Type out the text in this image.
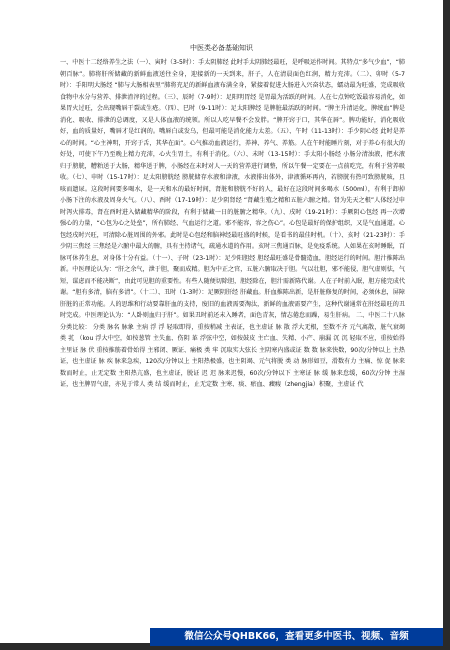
中医类必备基础知识
一、中医十二经络养生之法（一）、寅时（3-5时）：手太阴肺经 此时手太阴肺经最旺，是呼吸运作时间。其特点“多气少血”，“肺朝百脉”。肺将肝所储藏的新鲜血液送往全身，迎接新的一天到来，肝子，人在清晨面色红润，精力充沛。（二）、卯时（5-7时）：手阳明大肠经 “肺与大肠相表里”肺将充足的新鲜血液布满全身，紧接着促进大肠进入兴奋状态，蠕动最为旺盛，完成吸收食物中水分与营养、排泄渣滓的过程。（三）、辰时（7-9时）：足阳明胃经 是胃最为活跃的时间。人在七点钟吃饭最容易消化，如果胃火过旺，会出现嘴唇干裂或生疮。（四）、巳时（9-11时）：足太阳脾经 是脾脏最活跃的时间。“脾主升清运化，脾统血”脾是消化、吸收、排泄的总调度，又是人体血液的统领。所以人吃早餐不会发胖。“脾开窍于口，其华在唇”。脾功能好，消化吸收好，血的质量好，嘴唇才是红润的。嘴唇白或发乌，但最可能是消化能力太差。（五）、午时（11-13时）：手少阴心经 此时是养心的时间。“心主神明，开窍于舌，其华在面”。心气推动血液运行，养神、养气、养筋。人在午时能睡片刻，对于养心有很大的好处，可使下午乃至晚上精力充沛，心火生胃土，有利于消化。（六）、未时（13-15时）：手太阳小肠经 小肠分清浊液，把水液归于膀胱，糟粕送于大肠，精华送于脾，小肠经在未时对人一天的营养进行调整，所以午餐一定要在一点前吃完，有利于营养吸收。（七）、申时（15-17时）：足太阳膀胱经 膀胱储存水液和津液，水液排出体外，津液循环再内，若膀胱有热可致膀胱咳，且咳而遗尿。这段时间要多喝水，是一天和水的最好时间，肾脏和膀胱不好的人，最好在这段时间多喝水（500ml），有利于卸掉小肠下注的水液及周身火气。（八）、酉时（17-19时）：足少阴肾经 “肾藏生殖之精和五脏六腑之精。肾为先天之根”人体经过申时泻火排毒，肾在酉时进入储藏精华的阶段，有利于储藏一日的脏腑之精华。（九）、戌时（19-21时）：手厥阴心包经 再一次增强心的力量，“心包为心之处垒”，所有肺经、气血运行之道。邪不能容，容之伤心”。心包是最好的保护组织，又是气血通道。心包经戌时兴旺，可清除心脏周围的外邪。此时是心包经和脑神经最旺盛的时候，是看书的最佳时机。（十）、亥时（21-23时）：手少阴三焦经 三焦经是六腑中最大的腑，具有主持诸气，疏通水道的作用。亥时三焦通百脉，是免疫系统。人如果在亥时睡眠，百脉可休养生息，对身体十分有益。（十一）、子时（23-1时）：足少阳胆经 胆经最旺盛是骨髓造血，胆经运行的时间。胆汁推陈出新。中医理论认为：“肝之余气，泄于胆，聚而成精。胆为中正之官，五脏六腑取决于胆。气以壮胆，邪不能侵，胆气虚则怯，气短，谋虑而不能决断”，由此可见胆的重要性。有些人随便切除胆，胆经除在，胆汁需新陈代谢。人在子时前入眠，胆方能完成代谢。“胆有多清，脑有多清”。（十二）、丑时（1-3时）：足厥阴肝经 肝藏血。肝血推陈出新，是肝脏修复的时间，必须休息，屏障肝脏的正常功能。人的思维和行动要靠肝血的支持，废旧的血液需要淘汰，新鲜的血液需要产生，这种代谢通常在肝经最旺的丑时完成。中医理论认为：“人卧则血归于肝”。如果丑时前还未入睡者，面色青灰，情志倦怠而躁，易生肝病。 二、中医二十八脉分类比较： 分类 脉名 脉象 主病 浮 浮 轻取即得，重按稍减 主表证，也主虚证 脉 散 浮大无根，至数不齐 元气离散，脏气衰竭 类 芤 （kou 浮大中空，如按葱管 主失血、伤阴 革 浮弦中空，如按鼓皮 主亡血、失精、小产、崩漏 沉 沉 轻取不应，重按始得 主里证 脉 伏 重按推筋着骨始得 主邪闭、厥证、痛极 类 牢 沉取实大弦长 主阴寒内盛或证 数 数 脉来快数，90次/分钟以上 主热证，也主虚证 脉 疾 脉来急疾，120次/分钟以上 主阳热极盛，也主阴竭、元气将脱 类 动 脉形如豆，滑数有力 主痛、惊 促 脉来数而时止，止无定数 主阳热亢盛，也主虚证，脱证 迟 迟 脉来迟慢，60次/分钟以下 主寒证 脉 缓 脉来怠缓，60次/分钟 主湿证，也主脾胃气虚，亦见于常人 类 结 缓而时止，止无定数 主寒、痰、瘀血、癥瘕（zhengjia）积聚，主虚证 代
微信公众号QHBK66，查看更多中医书、视频、音频
